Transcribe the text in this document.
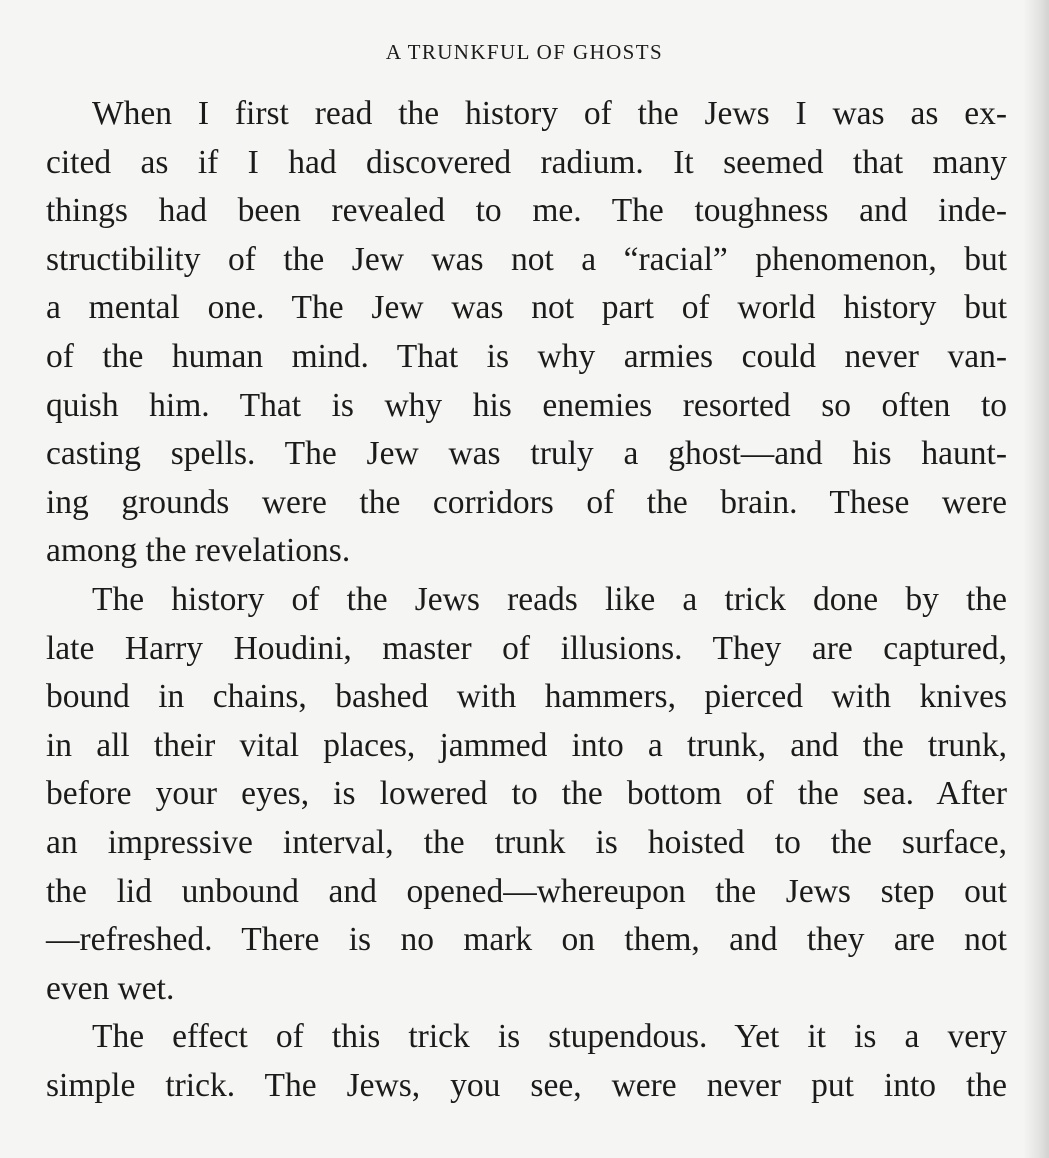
A TRUNKFUL OF GHOSTS
When I first read the history of the Jews I was as ex-
cited as if I had discovered radium. It seemed that many
things had been revealed to me. The toughness and inde-
structibility of the Jew was not a “racial” phenomenon, but
a mental one. The Jew was not part of world history but
of the human mind. That is why armies could never van-
quish him. That is why his enemies resorted so often to
casting spells. The Jew was truly a ghost—and his haunt-
ing grounds were the corridors of the brain. These were
among the revelations.
The history of the Jews reads like a trick done by the
late Harry Houdini, master of illusions. They are captured,
bound in chains, bashed with hammers, pierced with knives
in all their vital places, jammed into a trunk, and the trunk,
before your eyes, is lowered to the bottom of the sea. After
an impressive interval, the trunk is hoisted to the surface,
the lid unbound and opened—whereupon the Jews step out
—refreshed. There is no mark on them, and they are not
even wet.
The effect of this trick is stupendous. Yet it is a very
simple trick. The Jews, you see, were never put into the
